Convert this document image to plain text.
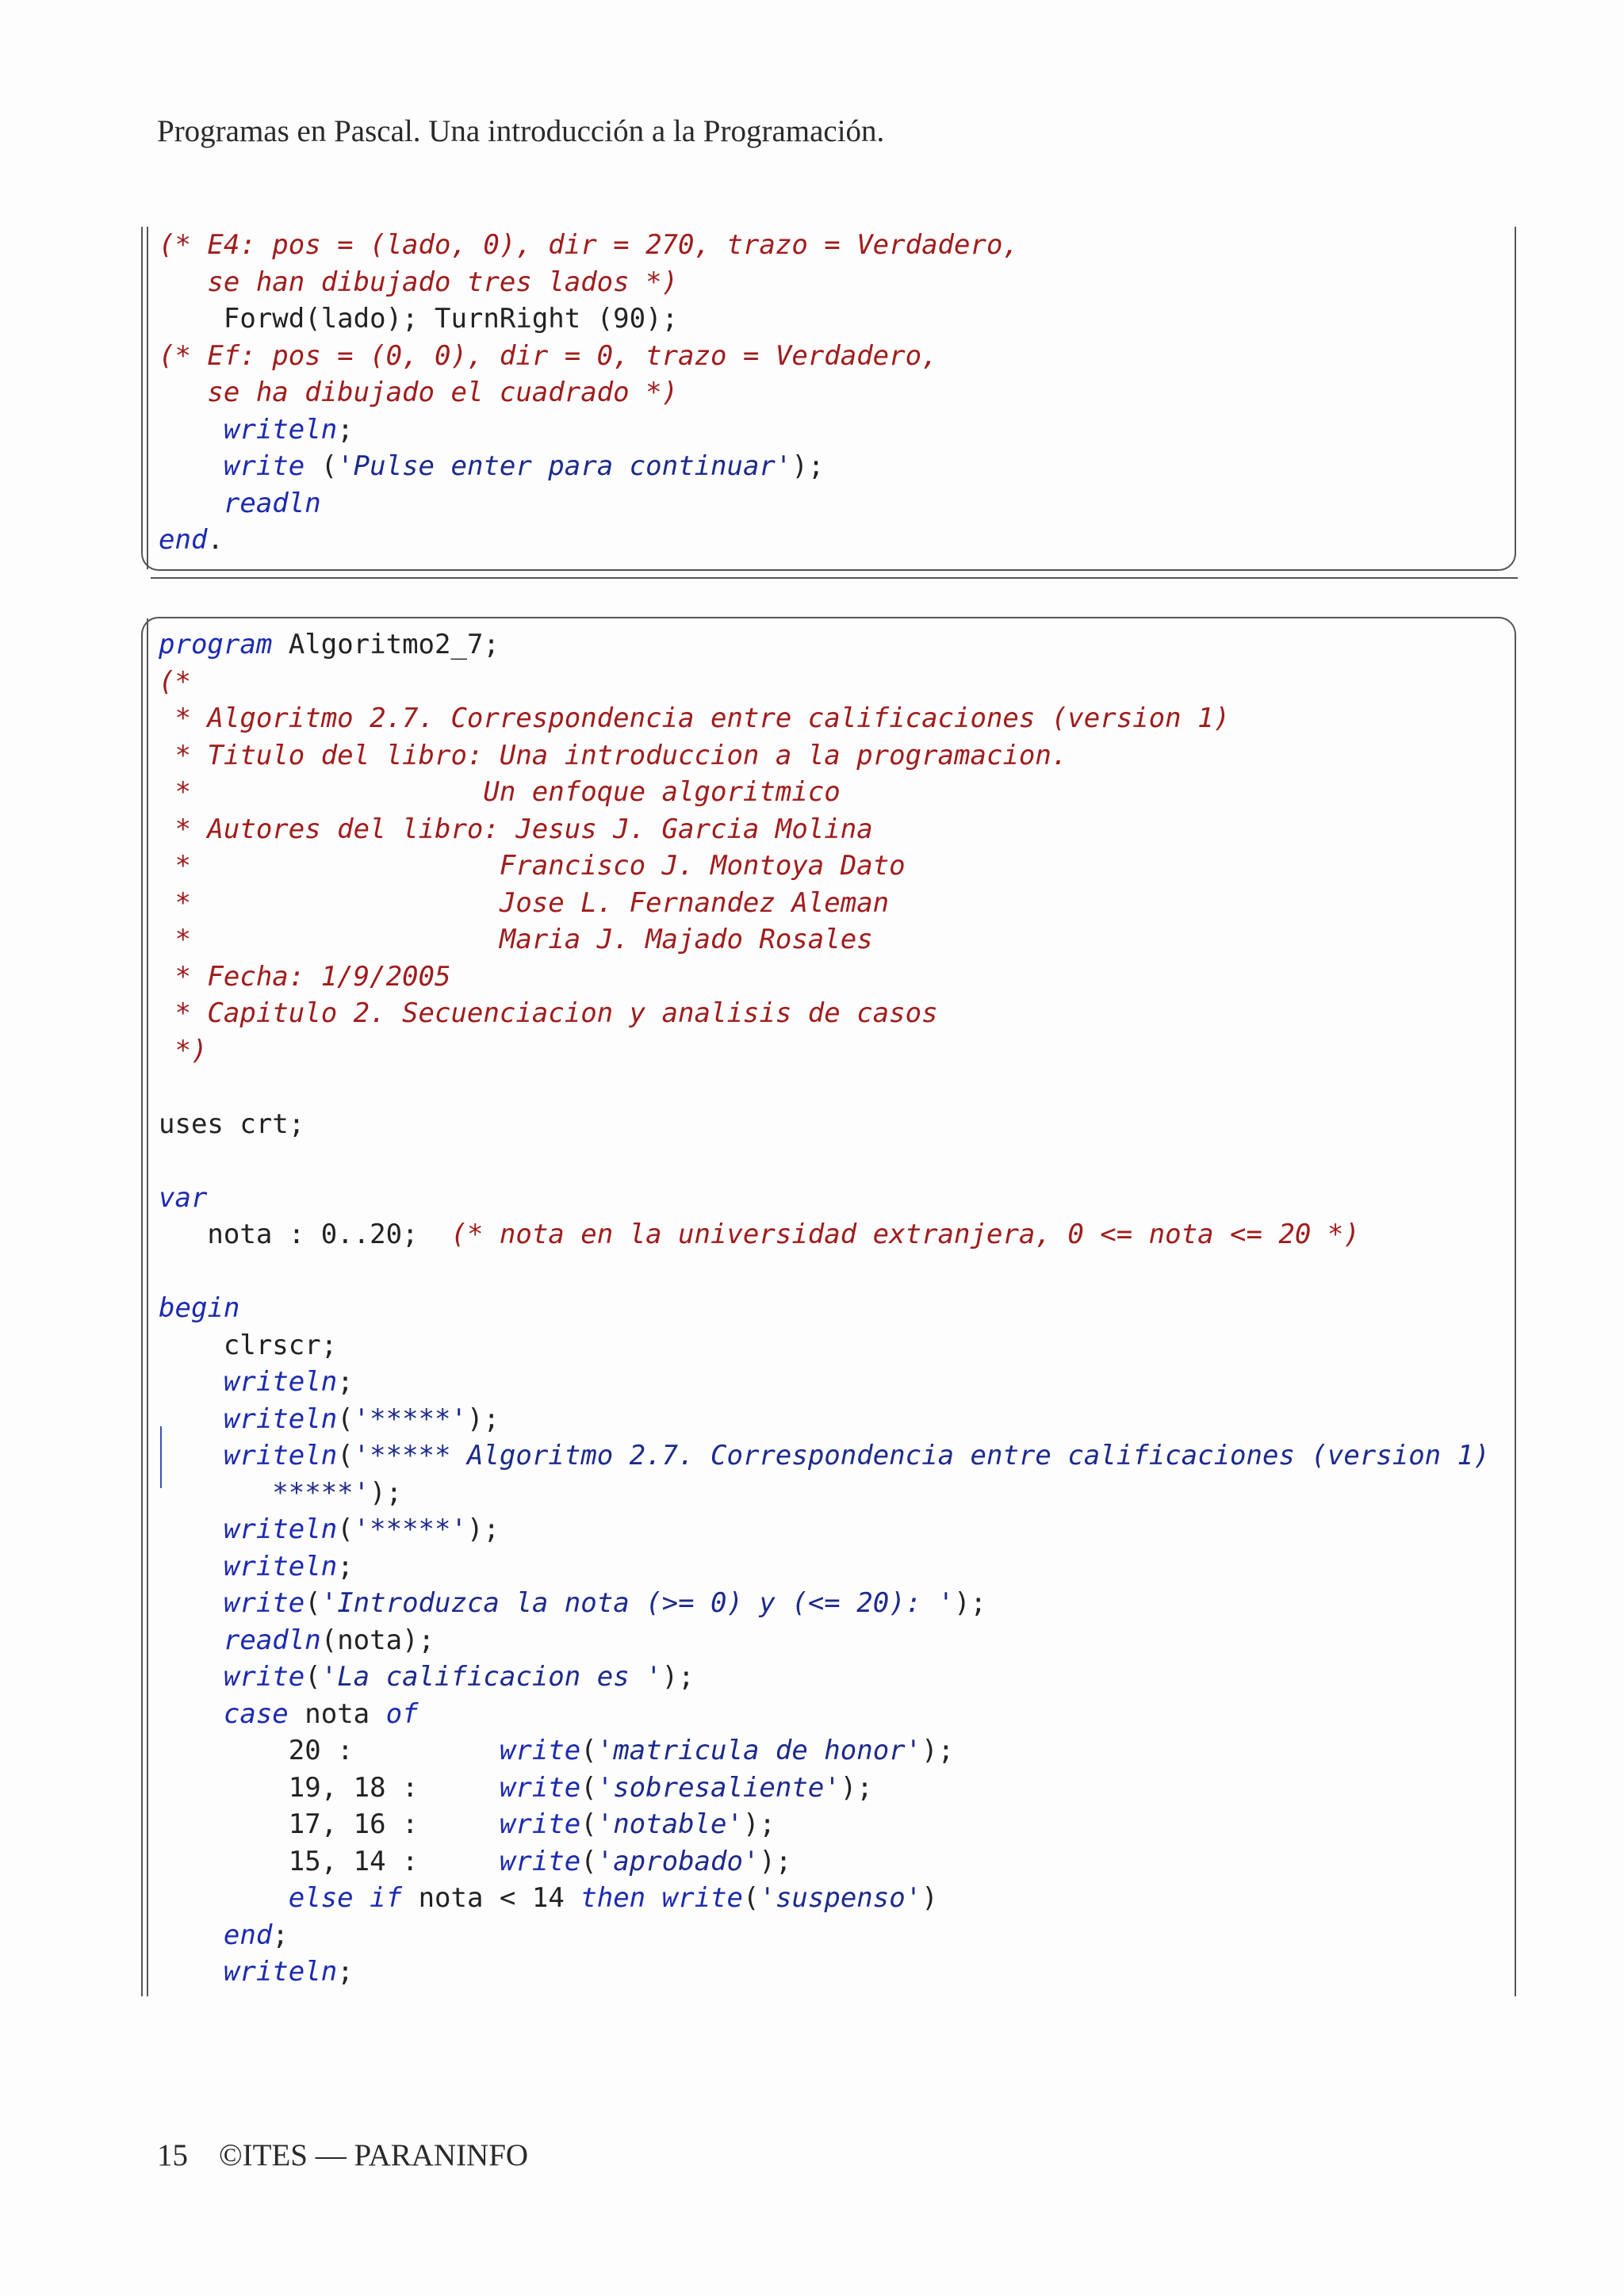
Programas en Pascal. Una introducción a la Programación.
(* E4: pos = (lado, 0), dir = 270, trazo = Verdadero,
se han dibujado tres lados *)
Forwd(lado); TurnRight (90);
(* Ef: pos = (0, 0), dir = 0, trazo = Verdadero,
se ha dibujado el cuadrado *)
writeln;
write ('Pulse enter para continuar');
readln
end.
program Algoritmo2_7;
(*
* Algoritmo 2.7. Correspondencia entre calificaciones (version 1)
* Titulo del libro: Una introduccion a la programacion.
*                  Un enfoque algoritmico
* Autores del libro: Jesus J. Garcia Molina
*                   Francisco J. Montoya Dato
*                   Jose L. Fernandez Aleman
*                   Maria J. Majado Rosales
* Fecha: 1/9/2005
* Capitulo 2. Secuenciacion y analisis de casos
*)
uses crt;
var
nota : 0..20;  (* nota en la universidad extranjera, 0 <= nota <= 20 *)
begin
clrscr;
writeln;
writeln('*****');
writeln('***** Algoritmo 2.7. Correspondencia entre calificaciones (version 1)
*****');
writeln('*****');
writeln;
write('Introduzca la nota (>= 0) y (<= 20): ');
readln(nota);
write('La calificacion es ');
case nota of
20 :         write('matricula de honor');
19, 18 :     write('sobresaliente');
17, 16 :     write('notable');
15, 14 :     write('aprobado');
else if nota < 14 then write('suspenso')
end;
writeln;
15 ©ITES — PARANINFO
